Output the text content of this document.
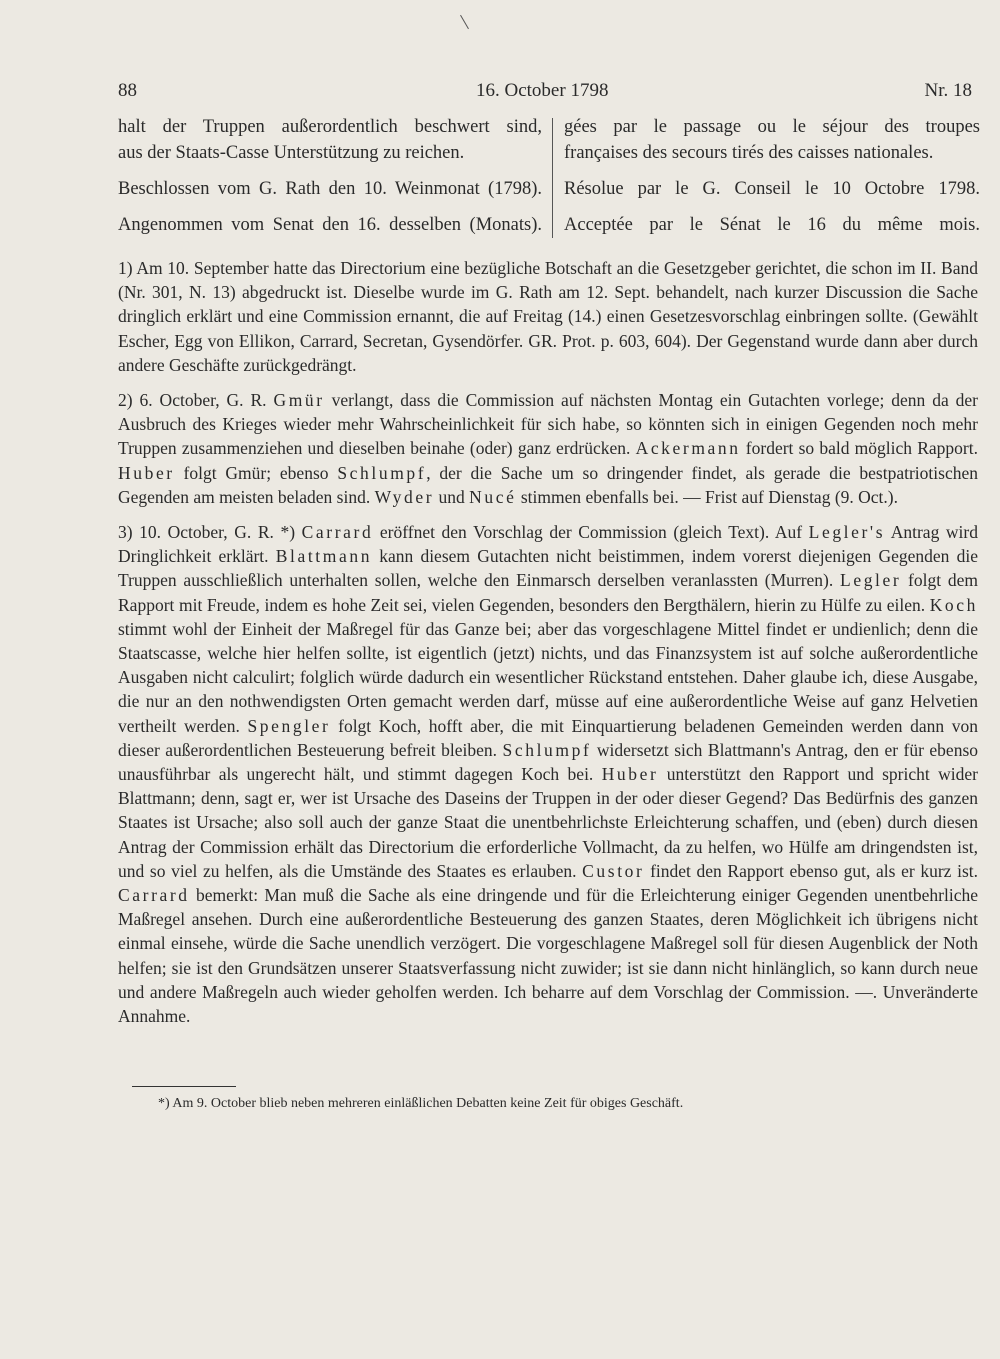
88	16. October 1798	Nr. 18

halt der Truppen außerordentlich beschwert sind,

aus der Staats-Casse Unterstützung zu reichen.

Beschlossen vom G. Rath den 10. Weinmonat (1798).

Angenommen vom Senat den 16. desselben (Monats).

gées par le passage ou le séjour des troupes

françaises des secours tirés des caisses nationales.

Résolue par le G. Conseil le 10 Octobre 1798.

Acceptée par le Sénat le 16 du même mois.

1) Am 10. September hatte das Directorium eine bezügliche Botschaft an die Gesetzgeber gerichtet, die schon im II. Band (Nr. 301, N. 13) abgedruckt ist. Dieselbe wurde im G. Rath am 12. Sept. behandelt, nach kurzer Discussion die Sache dringlich erklärt und eine Commission ernannt, die auf Freitag (14.) einen Gesetzesvorschlag einbringen sollte. (Gewählt Escher, Egg von Ellikon, Carrard, Secretan, Gysendörfer. GR. Prot. p. 603, 604). Der Gegenstand wurde dann aber durch andere Geschäfte zurückgedrängt.

2) 6. October, G. R. Gmür verlangt, dass die Commission auf nächsten Montag ein Gutachten vorlege; denn da der Ausbruch des Krieges wieder mehr Wahrscheinlichkeit für sich habe, so könnten sich in einigen Gegenden noch mehr Truppen zusammenziehen und dieselben beinahe (oder) ganz erdrücken. Ackermann fordert so bald möglich Rapport. Huber folgt Gmür; ebenso Schlumpf, der die Sache um so dringender findet, als gerade die bestpatriotischen Gegenden am meisten beladen sind. Wyder und Nucé stimmen ebenfalls bei. — Frist auf Dienstag (9. Oct.).

3) 10. October, G. R. *) Carrard eröffnet den Vorschlag der Commission (gleich Text). Auf Legler's Antrag wird Dringlichkeit erklärt. Blattmann kann diesem Gutachten nicht beistimmen, indem vorerst diejenigen Gegenden die Truppen ausschließlich unterhalten sollen, welche den Einmarsch derselben veranlassten (Murren). Legler folgt dem Rapport mit Freude, indem es hohe Zeit sei, vielen Gegenden, besonders den Bergthälern, hierin zu Hülfe zu eilen. Koch stimmt wohl der Einheit der Maßregel für das Ganze bei; aber das vorgeschlagene Mittel findet er undienlich; denn die Staatscasse, welche hier helfen sollte, ist eigentlich (jetzt) nichts, und das Finanzsystem ist auf solche außerordentliche Ausgaben nicht calculirt; folglich würde dadurch ein wesentlicher Rückstand entstehen. Daher glaube ich, diese Ausgabe, die nur an den nothwendigsten Orten gemacht werden darf, müsse auf eine außerordentliche Weise auf ganz Helvetien vertheilt werden. Spengler folgt Koch, hofft aber, die mit Einquartierung beladenen Gemeinden werden dann von dieser außerordentlichen Besteuerung befreit bleiben. Schlumpf widersetzt sich Blattmann's Antrag, den er für ebenso unausführbar als ungerecht hält, und stimmt dagegen Koch bei. Huber unterstützt den Rapport und spricht wider Blattmann; denn, sagt er, wer ist Ursache des Daseins der Truppen in der oder dieser Gegend? Das Bedürfnis des ganzen Staates ist Ursache; also soll auch der ganze Staat die unentbehrlichste Erleichterung schaffen, und (eben) durch diesen Antrag der Commission erhält das Directorium die erforderliche Vollmacht, da zu helfen, wo Hülfe am dringendsten ist, und so viel zu helfen, als die Umstände des Staates es erlauben. Custor findet den Rapport ebenso gut, als er kurz ist. Carrard bemerkt: Man muß die Sache als eine dringende und für die Erleichterung einiger Gegenden unentbehrliche Maßregel ansehen. Durch eine außerordentliche Besteuerung des ganzen Staates, deren Möglichkeit ich übrigens nicht einmal einsehe, würde die Sache unendlich verzögert. Die vorgeschlagene Maßregel soll für diesen Augenblick der Noth helfen; sie ist den Grundsätzen unserer Staatsverfassung nicht zuwider; ist sie dann nicht hinlänglich, so kann durch neue und andere Maßregeln auch wieder geholfen werden. Ich beharre auf dem Vorschlag der Commission. —. Unveränderte Annahme.

*) Am 9. October blieb neben mehreren einläßlichen Debatten keine Zeit für obiges Geschäft.
